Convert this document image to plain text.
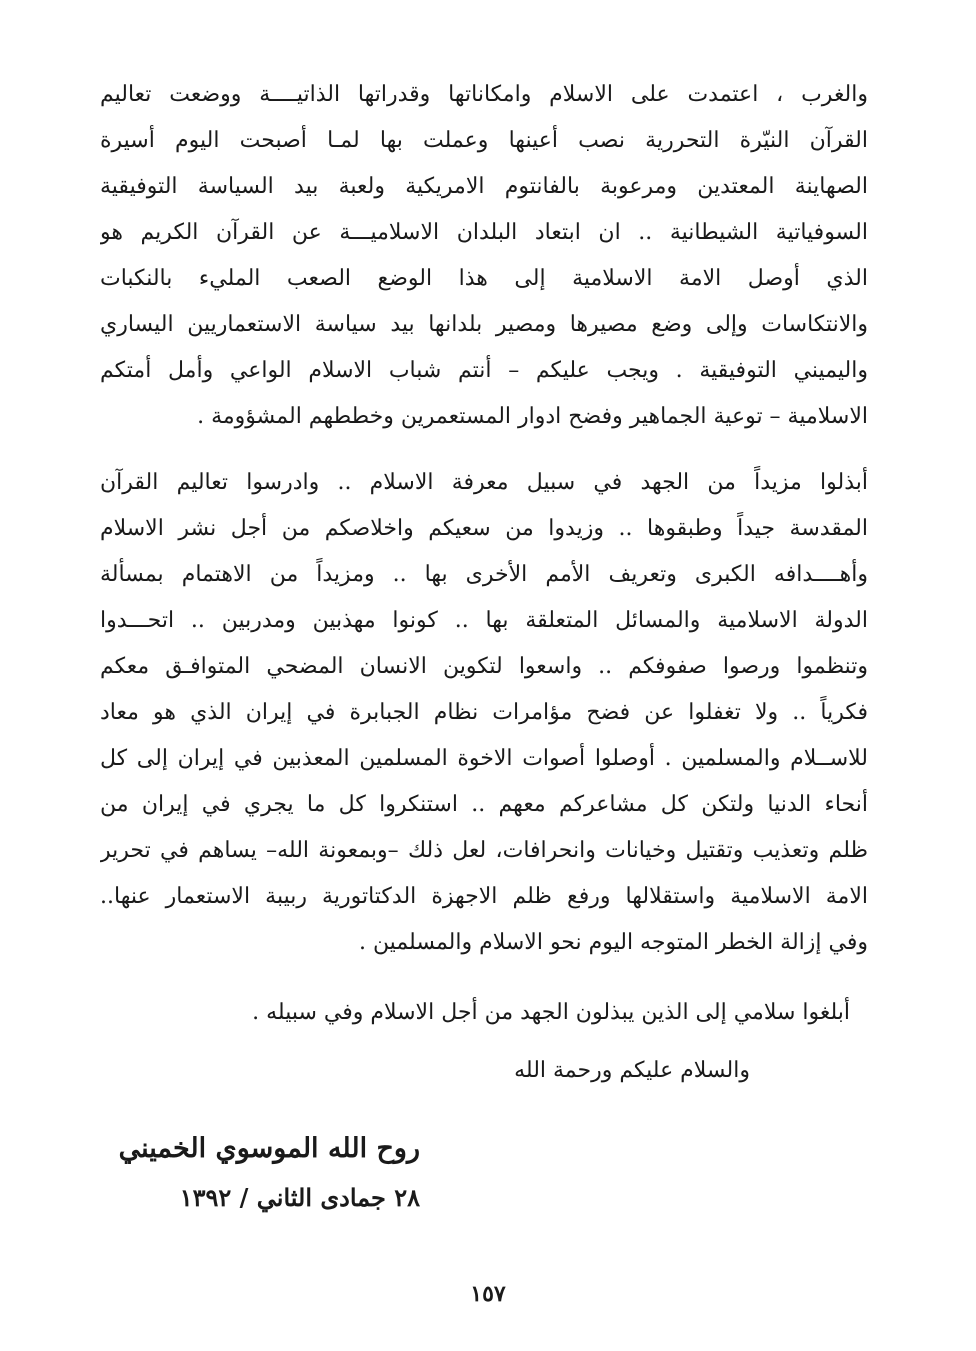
والغرب ، اعتمدت على الاسلام وامكاناتها وقدراتها الذاتيــــة ووضعت تعاليم
القرآن النيّرة التحررية نصب أعينها وعملت بها لمـا أصبحت اليوم أسيرة
الصهاينة المعتدين ومرعوبة بالفانتوم الامريكية ولعبة بيد السياسة التوفيقية
السوفياتية الشيطانية .. ان ابتعاد البلدان الاسلاميـــة عن القرآن الكريم هو
الذي أوصل الامة الاسلامية إلى هذا الوضع الصعب المليء بالنكبات
والانتكاسات وإلى وضع مصيرها ومصير بلدانها بيد سياسة الاستعماريين اليساري
واليميني التوفيقية . ويجب عليكم – أنتم شباب الاسلام الواعي وأمل أمتكم
الاسلامية – توعية الجماهير وفضح ادوار المستعمرين وخططهم المشؤومة .
أبذلوا مزيداً من الجهد في سبيل معرفة الاسلام .. وادرسوا تعاليم القرآن
المقدسة جيداً وطبقوها .. وزيدوا من سعيكم واخلاصكم من أجل نشر الاسلام
وأهــــدافه الكبرى وتعريف الأمم الأخرى بها .. ومزيداً من الاهتمام بمسألة
الدولة الاسلامية والمسائل المتعلقة بها .. كونوا مهذبين ومدربين .. اتحـــدوا
وتنظموا ورصوا صفوفكم .. واسعوا لتكوين الانسان المضحي المتوافـق معكم
فكرياً .. ولا تغفلوا عن فضح مؤامرات نظام الجبابرة في إيران الذي هو معاد
للاســلام والمسلمين . أوصلوا أصوات الاخوة المسلمين المعذبين في إيران إلى كل
أنحاء الدنيا ولتكن كل مشاعركم معهم .. استنكروا كل ما يجري في إيران من
ظلم وتعذيب وتقتيل وخيانات وانحرافات، لعل ذلك –وبمعونة الله– يساهم في تحرير
الامة الاسلامية واستقلالها ورفع ظلم الاجهزة الدكتاتورية ربيبة الاستعمار عنها..
وفي إزالة الخطر المتوجه اليوم نحو الاسلام والمسلمين .
أبلغوا سلامي إلى الذين يبذلون الجهد من أجل الاسلام وفي سبيله .
والسلام عليكم ورحمة الله
روح الله الموسوي الخميني
٢٨ جمادى الثاني / ١٣٩٢
١٥٧
